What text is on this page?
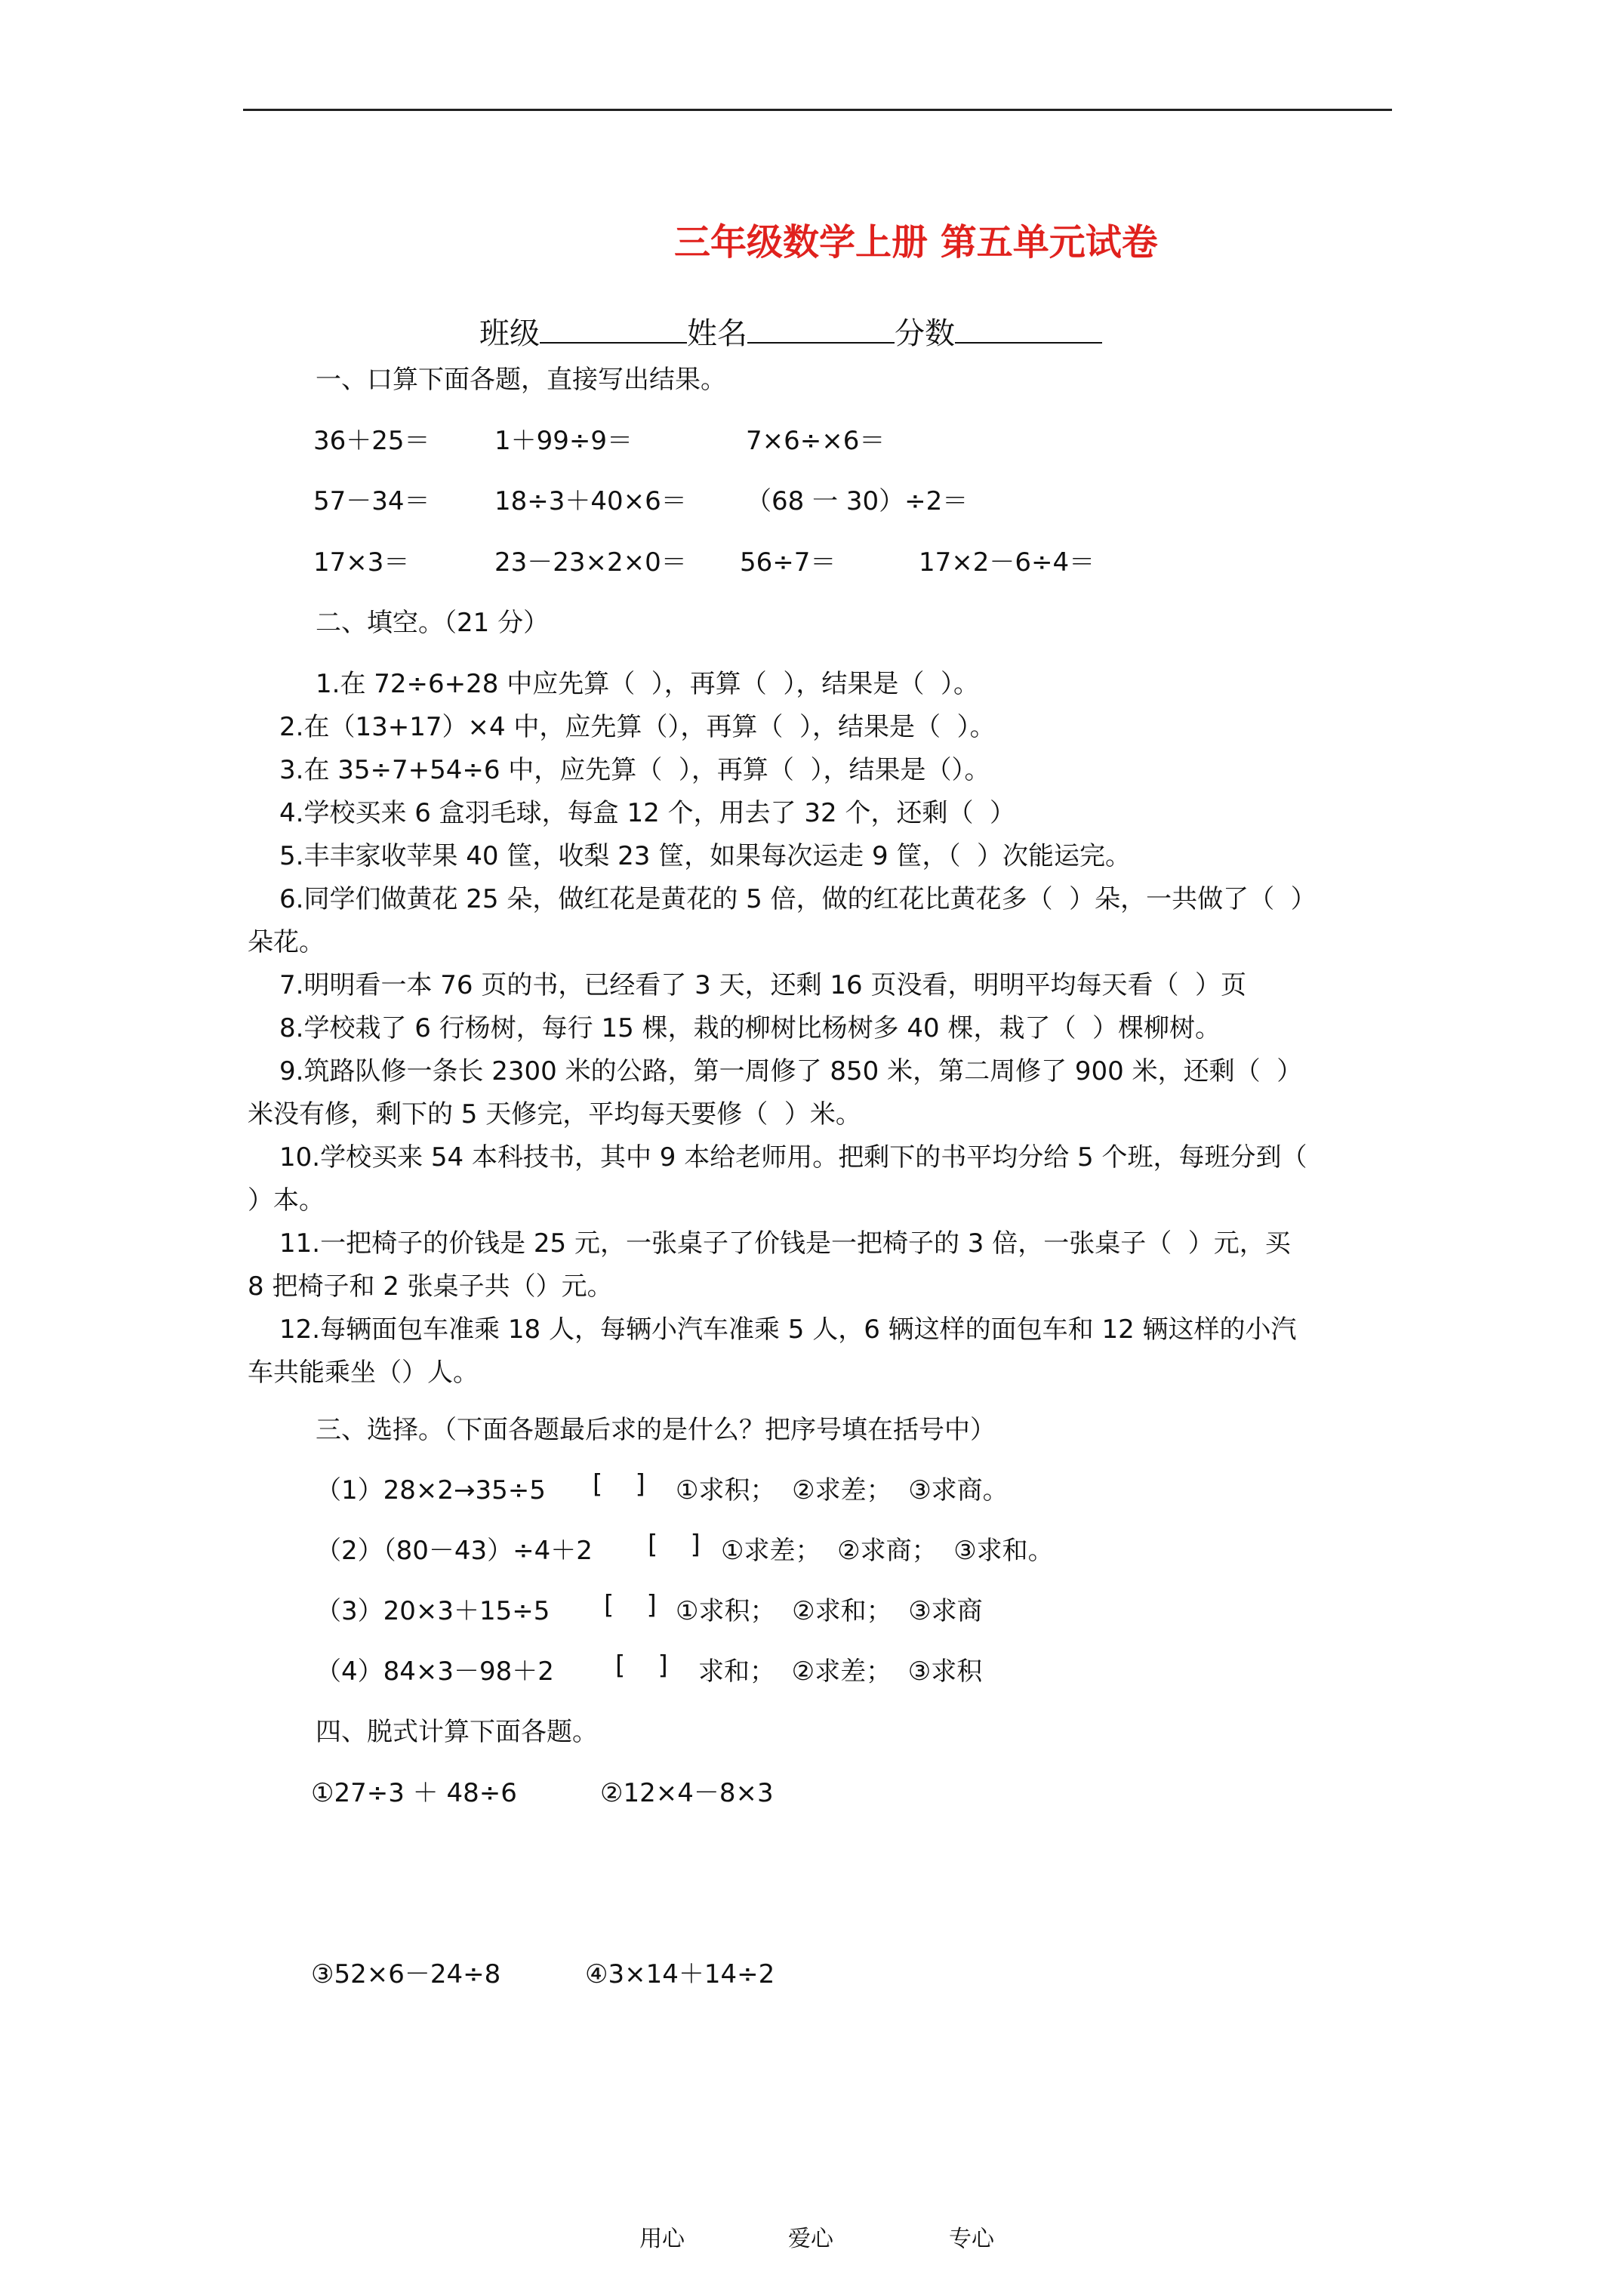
三年级数学上册 第五单元试卷
班级	姓名	分数
一、口算下面各题，直接写出结果。
36＋25＝	1＋99÷9＝	7×6÷×6＝
57－34＝	18÷3＋40×6＝ （68 一 30）÷2＝
17×3＝	23－23×2×0＝ 56÷7＝	17×2－6÷4＝
二、填空。（21 分）
1.在 72÷6+28 中应先算（  ），再算（  ），结果是（  ）。
2.在（13+17）×4 中，应先算（），再算（  ），结果是（  ）。
3.在 35÷7+54÷6 中，应先算（  ），再算（  ），结果是（）。
4.学校买来 6 盒羽毛球，每盒 12 个，用去了 32 个，还剩（  ）
5.丰丰家收苹果 40 筐，收梨 23 筐，如果每次运走 9 筐，（  ）次能运完。
6.同学们做黄花 25 朵，做红花是黄花的 5 倍，做的红花比黄花多（  ）朵，一共做了（  ）
朵花。
7.明明看一本 76 页的书，已经看了 3 天，还剩 16 页没看，明明平均每天看（  ）页
8.学校栽了 6 行杨树，每行 15 棵，栽的柳树比杨树多 40 棵，栽了（  ）棵柳树。
9.筑路队修一条长 2300 米的公路，第一周修了 850 米，第二周修了 900 米，还剩（  ）
米没有修，剩下的 5 天修完，平均每天要修（  ）米。
10.学校买来 54 本科技书，其中 9 本给老师用。把剩下的书平均分给 5 个班，每班分到（
）本。
11.一把椅子的价钱是 25 元，一张桌子了价钱是一把椅子的 3 倍，一张桌子（  ）元，买
8 把椅子和 2 张桌子共（）元。
12.每辆面包车准乘 18 人，每辆小汽车准乘 5 人，6 辆这样的面包车和 12 辆这样的小汽
车共能乘坐（）人。
三、选择。（下面各题最后求的是什么？把序号填在括号中）
（1）28×2→35÷5 [    ] ①求积；  ②求差；  ③求商。
（2）（80－43）÷4＋2 [    ] ①求差；  ②求商；  ③求和。
（3）20×3＋15÷5 [    ] ①求积；  ②求和；  ③求商
（4）84×3－98＋2 [    ] 求和；  ②求差；  ③求积
四、脱式计算下面各题。
①27÷3 ＋ 48÷6	②12×4－8×3
③52×6－24÷8	④3×14＋14÷2
用心	爱心	专心
